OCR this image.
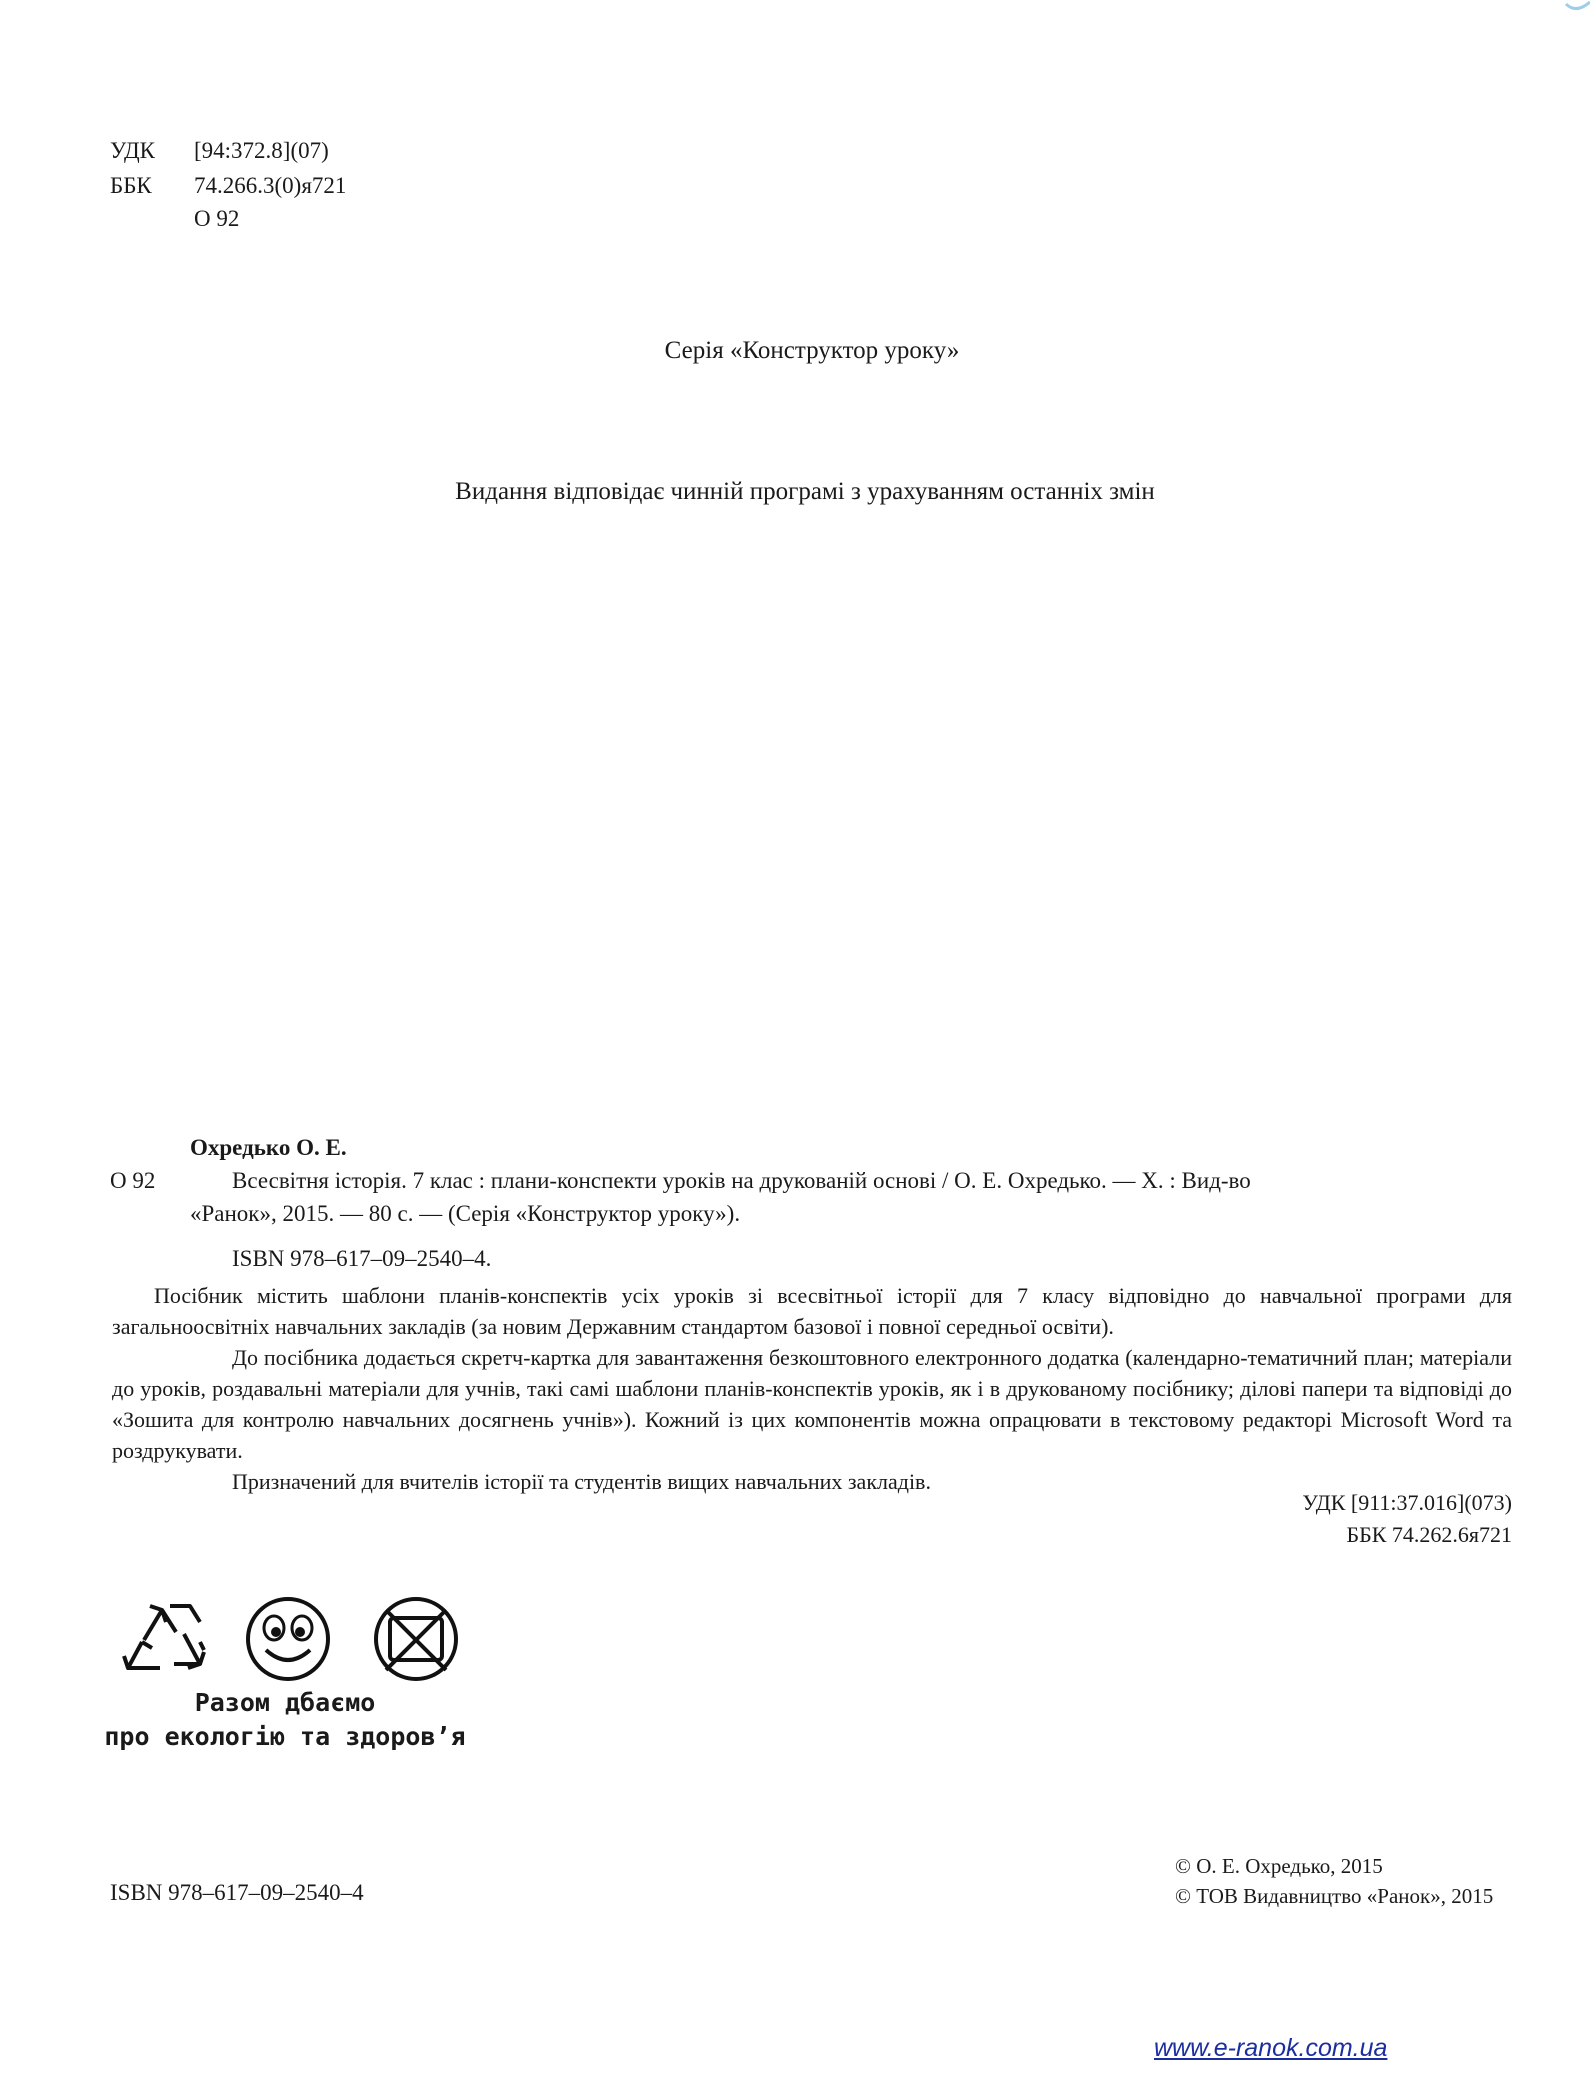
УДК [94:372.8](07)
ББК 74.266.3(0)я721
О 92
Серія «Конструктор уроку»
Видання відповідає чинній програмі з урахуванням останніх змін
Охредько О. Е.
О 92	Всесвітня історія. 7 клас : плани-конспекти уроків на друкованій основі / О. Е. Охредько. — Х. : Вид-во
«Ранок», 2015. — 80 с. — (Серія «Конструктор уроку»).
ISBN 978–617–09–2540–4.

Посібник містить шаблони планів-конспектів усіх уроків зі всесвітньої історії для 7 класу відповідно до навчальної програми для загальноосвітніх навчальних закладів (за новим Державним стандартом базової і повної середньої освіти).

До посібника додається скретч-картка для завантаження безкоштовного електронного додатка (календарно-тематичний план; матеріали до уроків, роздавальні матеріали для учнів, такі самі шаблони планів-конспектів уроків, як і в друкованому посібнику; ділові папери та відповіді до «Зошита для контролю навчальних досягнень учнів»). Кожний із цих компонентів можна опрацювати в текстовому редакторі Microsoft Word та роздрукувати.

Призначений для вчителів історії та студентів вищих навчальних закладів.

УДК [911:37.016](073)
ББК 74.262.6я721
Разом дбаємо
про екологію та здоров’я
ISBN 978–617–09–2540–4
© О. Е. Охредько, 2015
© ТОВ Видавництво «Ранок», 2015
www.e-ranok.com.ua
